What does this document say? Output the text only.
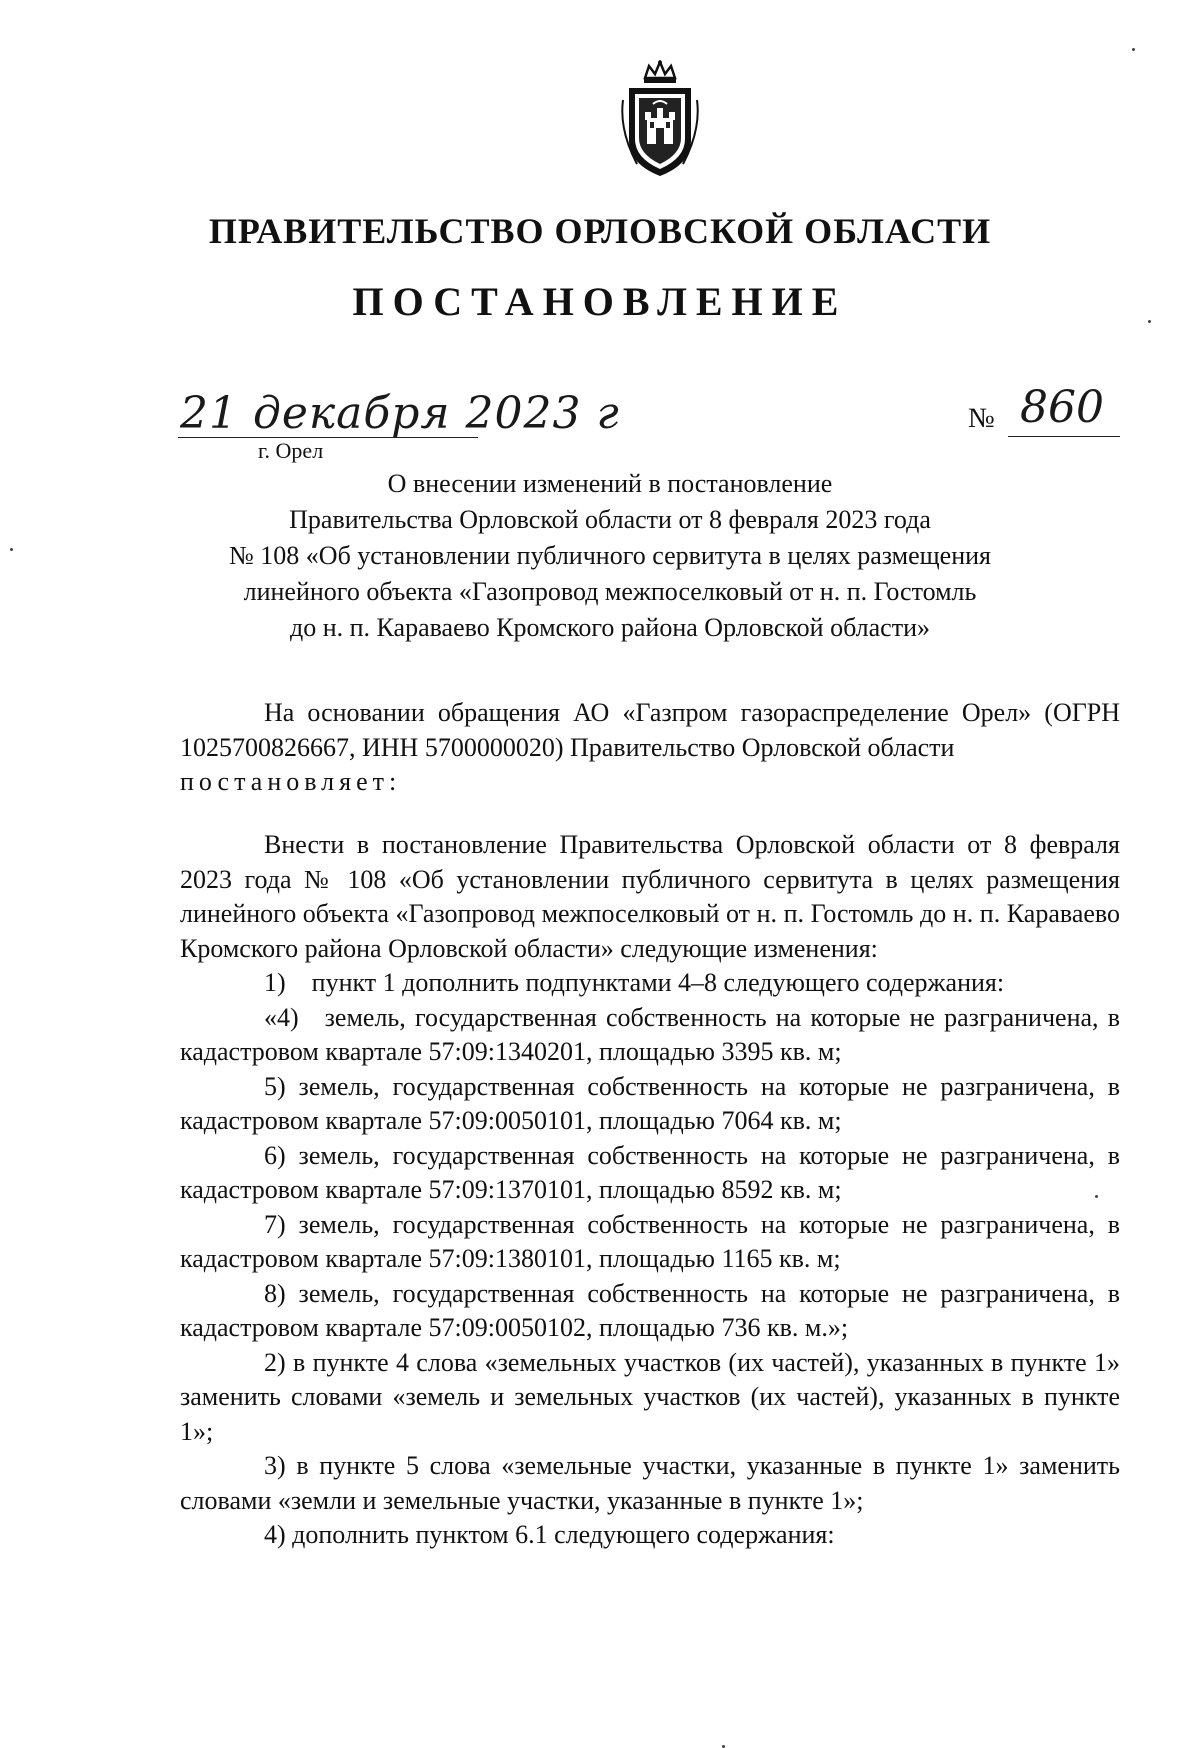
ПРАВИТЕЛЬСТВО ОРЛОВСКОЙ ОБЛАСТИ
ПОСТАНОВЛЕНИЕ
21 декабря 2023 г
г. Орел
№ 860
О внесении изменений в постановление
Правительства Орловской области от 8 февраля 2023 года
№ 108 «Об установлении публичного сервитута в целях размещения
линейного объекта «Газопровод межпоселковый от н. п. Гостомль
до н. п. Караваево Кромского района Орловской области»

На основании обращения АО «Газпром газораспределение Орел» (ОГРН 1025700826667, ИНН 5700000020) Правительство Орловской области

постановляет:

Внести в постановление Правительства Орловской области от 8 февраля 2023 года № 108 «Об установлении публичного сервитута в целях размещения линейного объекта «Газопровод межпоселковый от н. п. Гостомль до н. п. Караваево Кромского района Орловской области» следующие изменения:

1) пункт 1 дополнить подпунктами 4–8 следующего содержания:

«4) земель, государственная собственность на которые не разграничена, в кадастровом квартале 57:09:1340201, площадью 3395 кв. м;

5) земель, государственная собственность на которые не разграничена, в кадастровом квартале 57:09:0050101, площадью 7064 кв. м;

6) земель, государственная собственность на которые не разграничена, в кадастровом квартале 57:09:1370101, площадью 8592 кв. м;

7) земель, государственная собственность на которые не разграничена, в кадастровом квартале 57:09:1380101, площадью 1165 кв. м;

8) земель, государственная собственность на которые не разграничена, в кадастровом квартале 57:09:0050102, площадью 736 кв. м.»;

2) в пункте 4 слова «земельных участков (их частей), указанных в пункте 1» заменить словами «земель и земельных участков (их частей), указанных в пункте 1»;

3) в пункте 5 слова «земельные участки, указанные в пункте 1» заменить словами «земли и земельные участки, указанные в пункте 1»;

4) дополнить пунктом 6.1 следующего содержания:
